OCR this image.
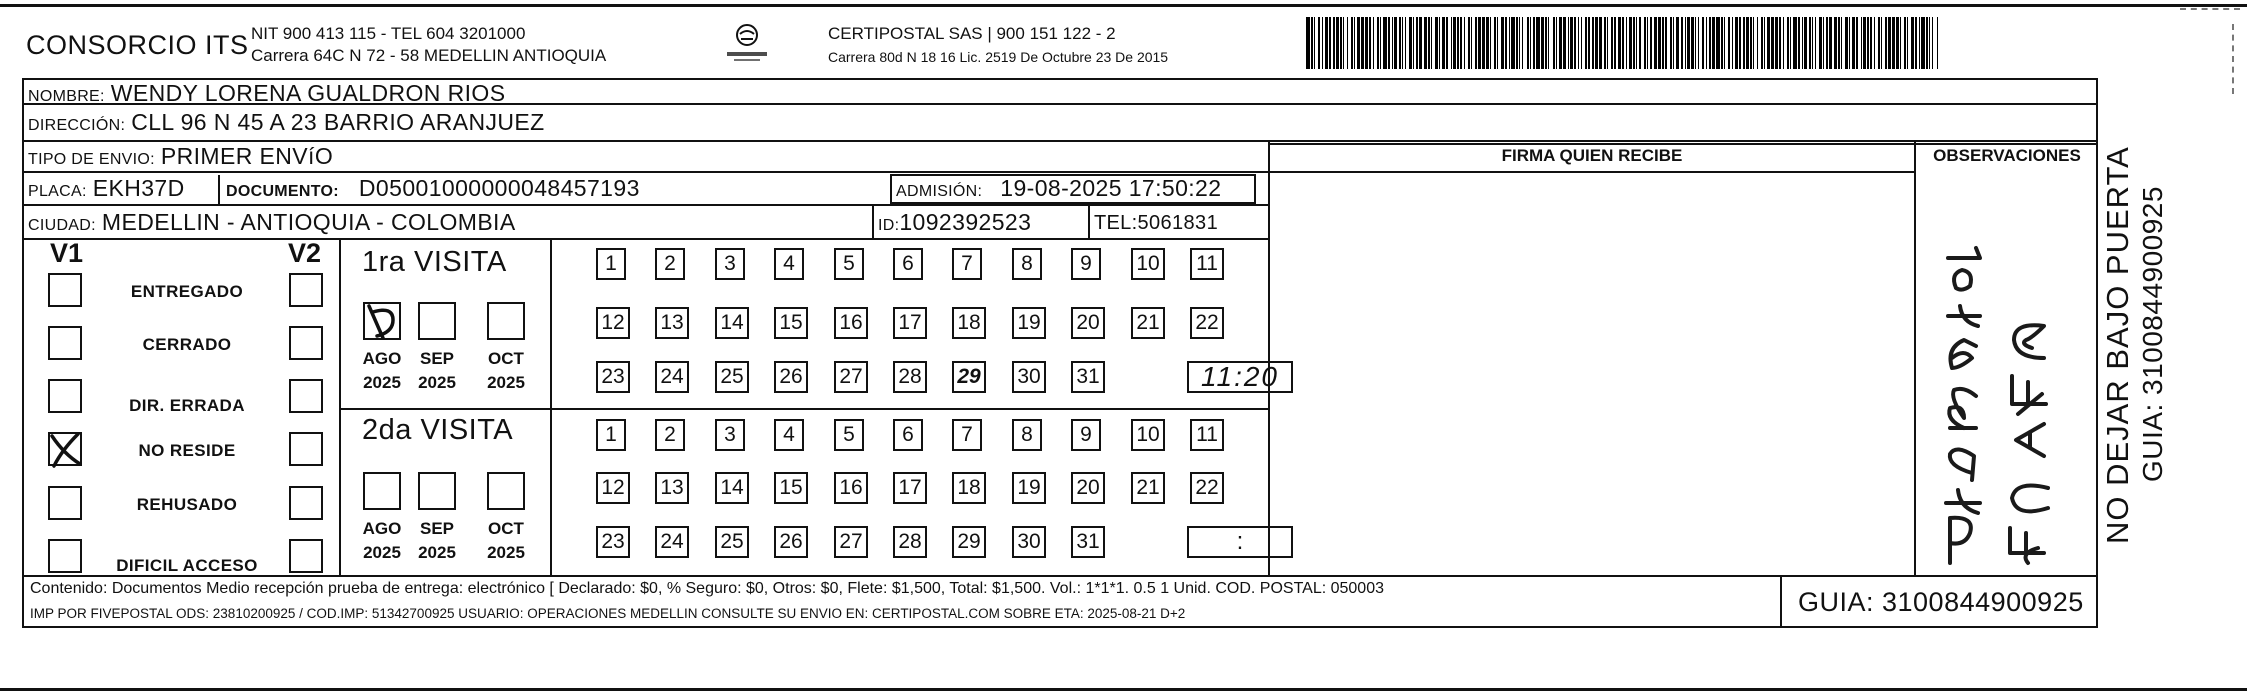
CONSORCIO ITS NIT 900 413 115 - TEL 604 3201000
Carrera 64C N 72 - 58 MEDELLIN ANTIOQUIA
CERTIPOSTAL SAS | 900 151 122 - 2
Carrera 80d N 18 16 Lic. 2519 De Octubre 23 De 2015
NOMBRE: WENDY LORENA GUALDRON RIOS
DIRECCIÓN: CLL 96 N 45 A 23 BARRIO ARANJUEZ
TIPO DE ENVIO: PRIMER ENVíO	FIRMA QUIEN RECIBE	OBSERVACIONES
PLACA: EKH37D	DOCUMENTO: D05001000000048457193	ADMISIÓN: 19-08-2025 17:50:22
CIUDAD: MEDELLIN - ANTIOQUIA - COLOMBIA	ID: 1092392523	TEL: 5061831
V1	V2
ENTREGADO
CERRADO
DIR. ERRADA
NO RESIDE
REHUSADO
DIFICIL ACCESO
1ra VISITA
AGO
2025
SEP
2025
OCT
2025
1	2	3	4	5	6	7	8	9	10 11
12 13 14 15 16 17 18 19 20 21 22
23 24 25 26 27 28 29 30 31	11:20
2da VISITA
AGO
2025
SEP
2025
OCT
2025
1	2	3	4	5	6	7	8	9	10 11
12 13 14 15 16 17 18 19 20 21 22
23 24 25 26 27 28 29 30 31	:
Contenido: Documentos Medio recepción prueba de entrega: electrónico [ Declarado: $0, % Seguro: $0, Otros: $0, Flete: $1,500, Total: $1,500. Vol.: 1*1*1. 0.5 1 Unid. COD. POSTAL: 050003
IMP POR FIVEPOSTAL ODS: 23810200925 / COD.IMP: 51342700925 USUARIO: OPERACIONES MEDELLIN CONSULTE SU ENVIO EN: CERTIPOSTAL.COM SOBRE ETA: 2025-08-21 D+2	GUIA: 3100844900925
NO DEJAR BAJO PUERTA GUIA: 3100844900925
